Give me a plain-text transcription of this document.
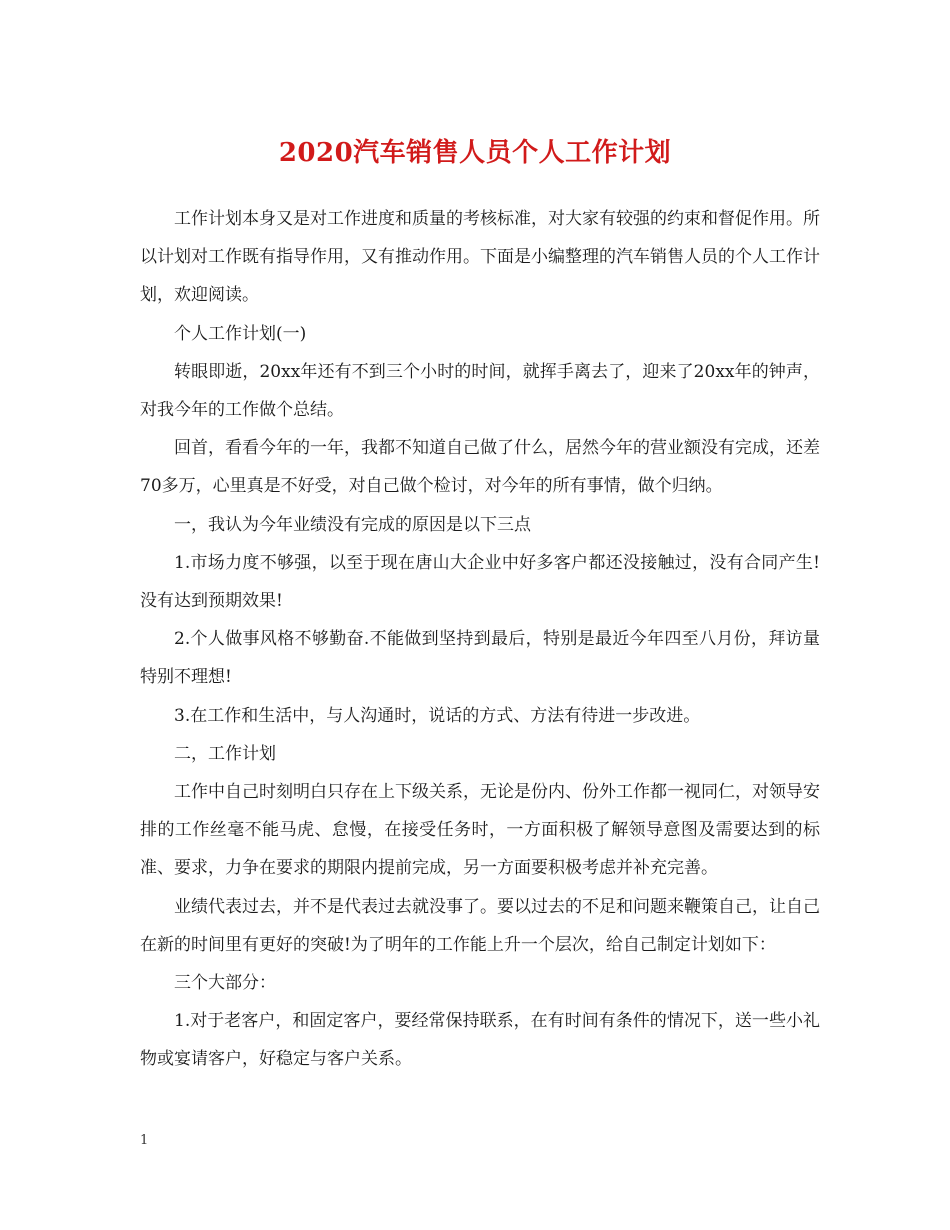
2020汽车销售人员个人工作计划

工作计划本身又是对工作进度和质量的考核标准，对大家有较强的约束和督促作用。所以计划对工作既有指导作用，又有推动作用。下面是小编整理的汽车销售人员的个人工作计划，欢迎阅读。

个人工作计划(一)

转眼即逝，20xx年还有不到三个小时的时间，就挥手离去了，迎来了20xx年的钟声，对我今年的工作做个总结。

回首，看看今年的一年，我都不知道自己做了什么，居然今年的营业额没有完成，还差70多万，心里真是不好受，对自己做个检讨，对今年的所有事情，做个归纳。

一，我认为今年业绩没有完成的原因是以下三点

1.市场力度不够强，以至于现在唐山大企业中好多客户都还没接触过，没有合同产生!没有达到预期效果!

2.个人做事风格不够勤奋.不能做到坚持到最后，特别是最近今年四至八月份，拜访量特别不理想!

3.在工作和生活中，与人沟通时，说话的方式、方法有待进一步改进。

二，工作计划

工作中自己时刻明白只存在上下级关系，无论是份内、份外工作都一视同仁，对领导安排的工作丝毫不能马虎、怠慢，在接受任务时，一方面积极了解领导意图及需要达到的标准、要求，力争在要求的期限内提前完成，另一方面要积极考虑并补充完善。

业绩代表过去，并不是代表过去就没事了。要以过去的不足和问题来鞭策自己，让自己在新的时间里有更好的突破!为了明年的工作能上升一个层次，给自己制定计划如下：

三个大部分：

1.对于老客户，和固定客户，要经常保持联系，在有时间有条件的情况下，送一些小礼物或宴请客户，好稳定与客户关系。

1
